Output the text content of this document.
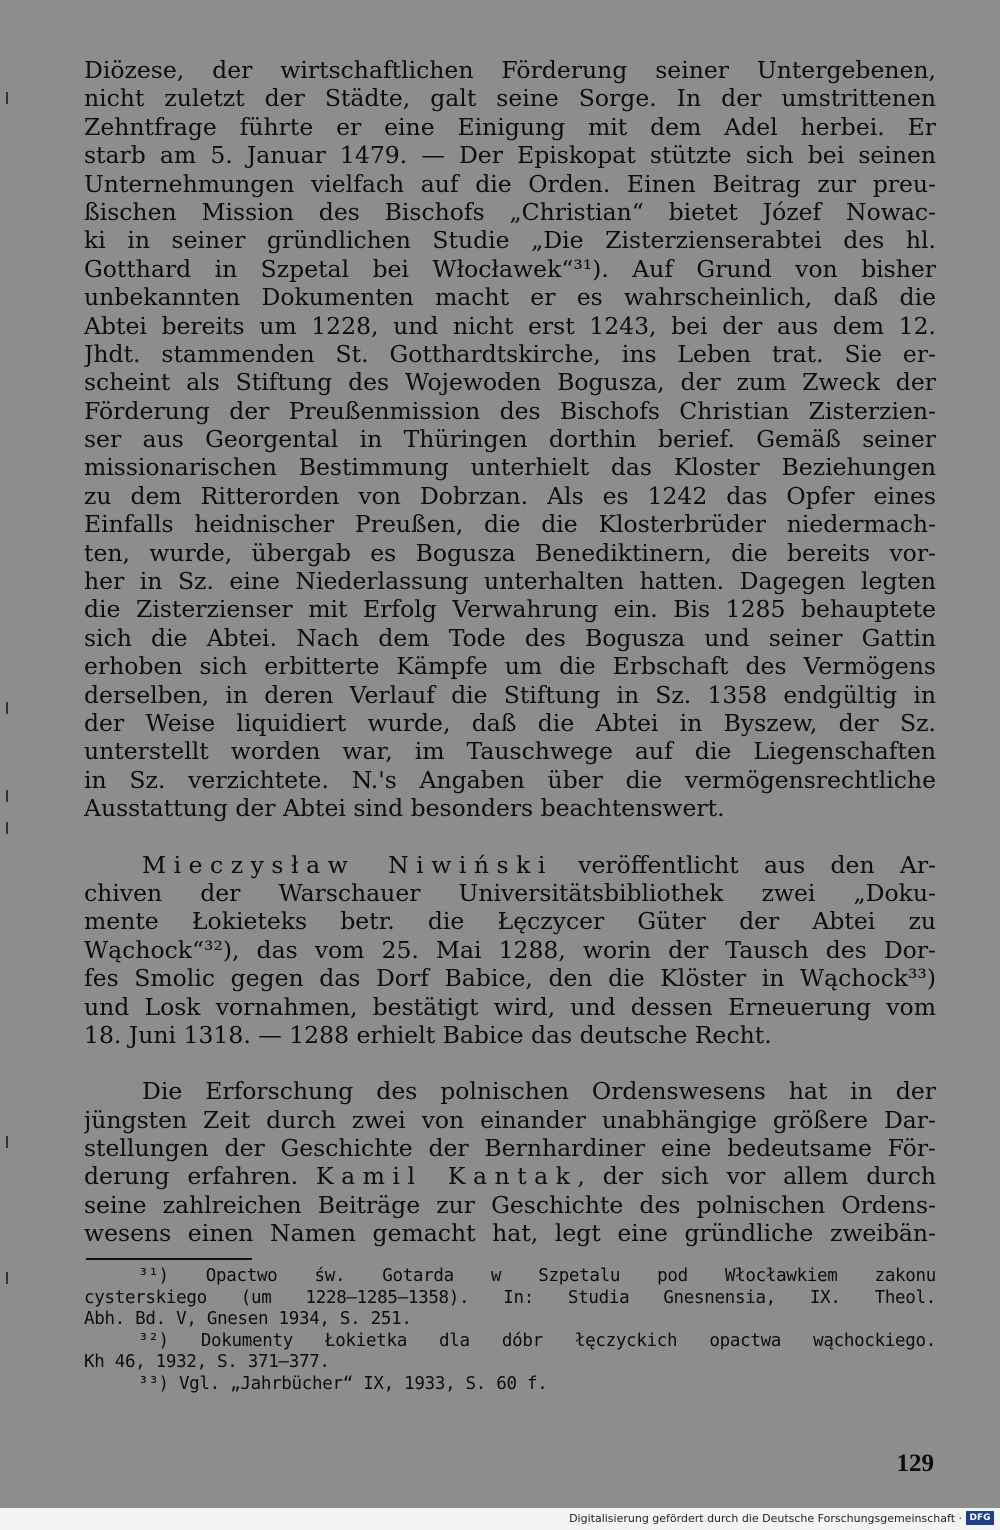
Diözese, der wirtschaftlichen Förderung seiner Untergebenen,
nicht zuletzt der Städte, galt seine Sorge. In der umstrittenen
Zehntfrage führte er eine Einigung mit dem Adel herbei. Er
starb am 5. Januar 1479. — Der Episkopat stützte sich bei seinen
Unternehmungen vielfach auf die Orden. Einen Beitrag zur preu-
ßischen Mission des Bischofs „Christian“ bietet Józef Nowac-
ki in seiner gründlichen Studie „Die Zisterzienserabtei des hl.
Gotthard in Szpetal bei Włocławek“³¹). Auf Grund von bisher
unbekannten Dokumenten macht er es wahrscheinlich, daß die
Abtei bereits um 1228, und nicht erst 1243, bei der aus dem 12.
Jhdt. stammenden St. Gotthardtskirche, ins Leben trat. Sie er-
scheint als Stiftung des Wojewoden Bogusza, der zum Zweck der
Förderung der Preußenmission des Bischofs Christian Zisterzien-
ser aus Georgental in Thüringen dorthin berief. Gemäß seiner
missionarischen Bestimmung unterhielt das Kloster Beziehungen
zu dem Ritterorden von Dobrzan. Als es 1242 das Opfer eines
Einfalls heidnischer Preußen, die die Klosterbrüder niedermach-
ten, wurde, übergab es Bogusza Benediktinern, die bereits vor-
her in Sz. eine Niederlassung unterhalten hatten. Dagegen legten
die Zisterzienser mit Erfolg Verwahrung ein. Bis 1285 behauptete
sich die Abtei. Nach dem Tode des Bogusza und seiner Gattin
erhoben sich erbitterte Kämpfe um die Erbschaft des Vermögens
derselben, in deren Verlauf die Stiftung in Sz. 1358 endgültig in
der Weise liquidiert wurde, daß die Abtei in Byszew, der Sz.
unterstellt worden war, im Tauschwege auf die Liegenschaften
in Sz. verzichtete. N.'s Angaben über die vermögensrechtliche
Ausstattung der Abtei sind besonders beachtenswert.
Mieczysław Niwiński veröffentlicht aus den Ar-
chiven der Warschauer Universitätsbibliothek zwei „Doku-
mente Łokieteks betr. die Łęczycer Güter der Abtei zu
Wąchock“³²), das vom 25. Mai 1288, worin der Tausch des Dor-
fes Smolic gegen das Dorf Babice, den die Klöster in Wąchock³³)
und Losk vornahmen, bestätigt wird, und dessen Erneuerung vom
18. Juni 1318. — 1288 erhielt Babice das deutsche Recht.
Die Erforschung des polnischen Ordenswesens hat in der
jüngsten Zeit durch zwei von einander unabhängige größere Dar-
stellungen der Geschichte der Bernhardiner eine bedeutsame För-
derung erfahren. Kamil Kantak, der sich vor allem durch
seine zahlreichen Beiträge zur Geschichte des polnischen Ordens-
wesens einen Namen gemacht hat, legt eine gründliche zweibän-
³¹) Opactwo św. Gotarda w Szpetalu pod Włocławkiem zakonu
cysterskiego (um 1228—1285—1358). In: Studia Gnesnensia, IX. Theol.
Abh. Bd. V, Gnesen 1934, S. 251.
³²) Dokumenty Łokietka dla dóbr łęczyckich opactwa wąchockiego.
Kh 46, 1932, S. 371—377.
³³) Vgl. „Jahrbücher“ IX, 1933, S. 60 f.
129
Digitalisierung gefördert durch die Deutsche Forschungsgemeinschaft · DFG
